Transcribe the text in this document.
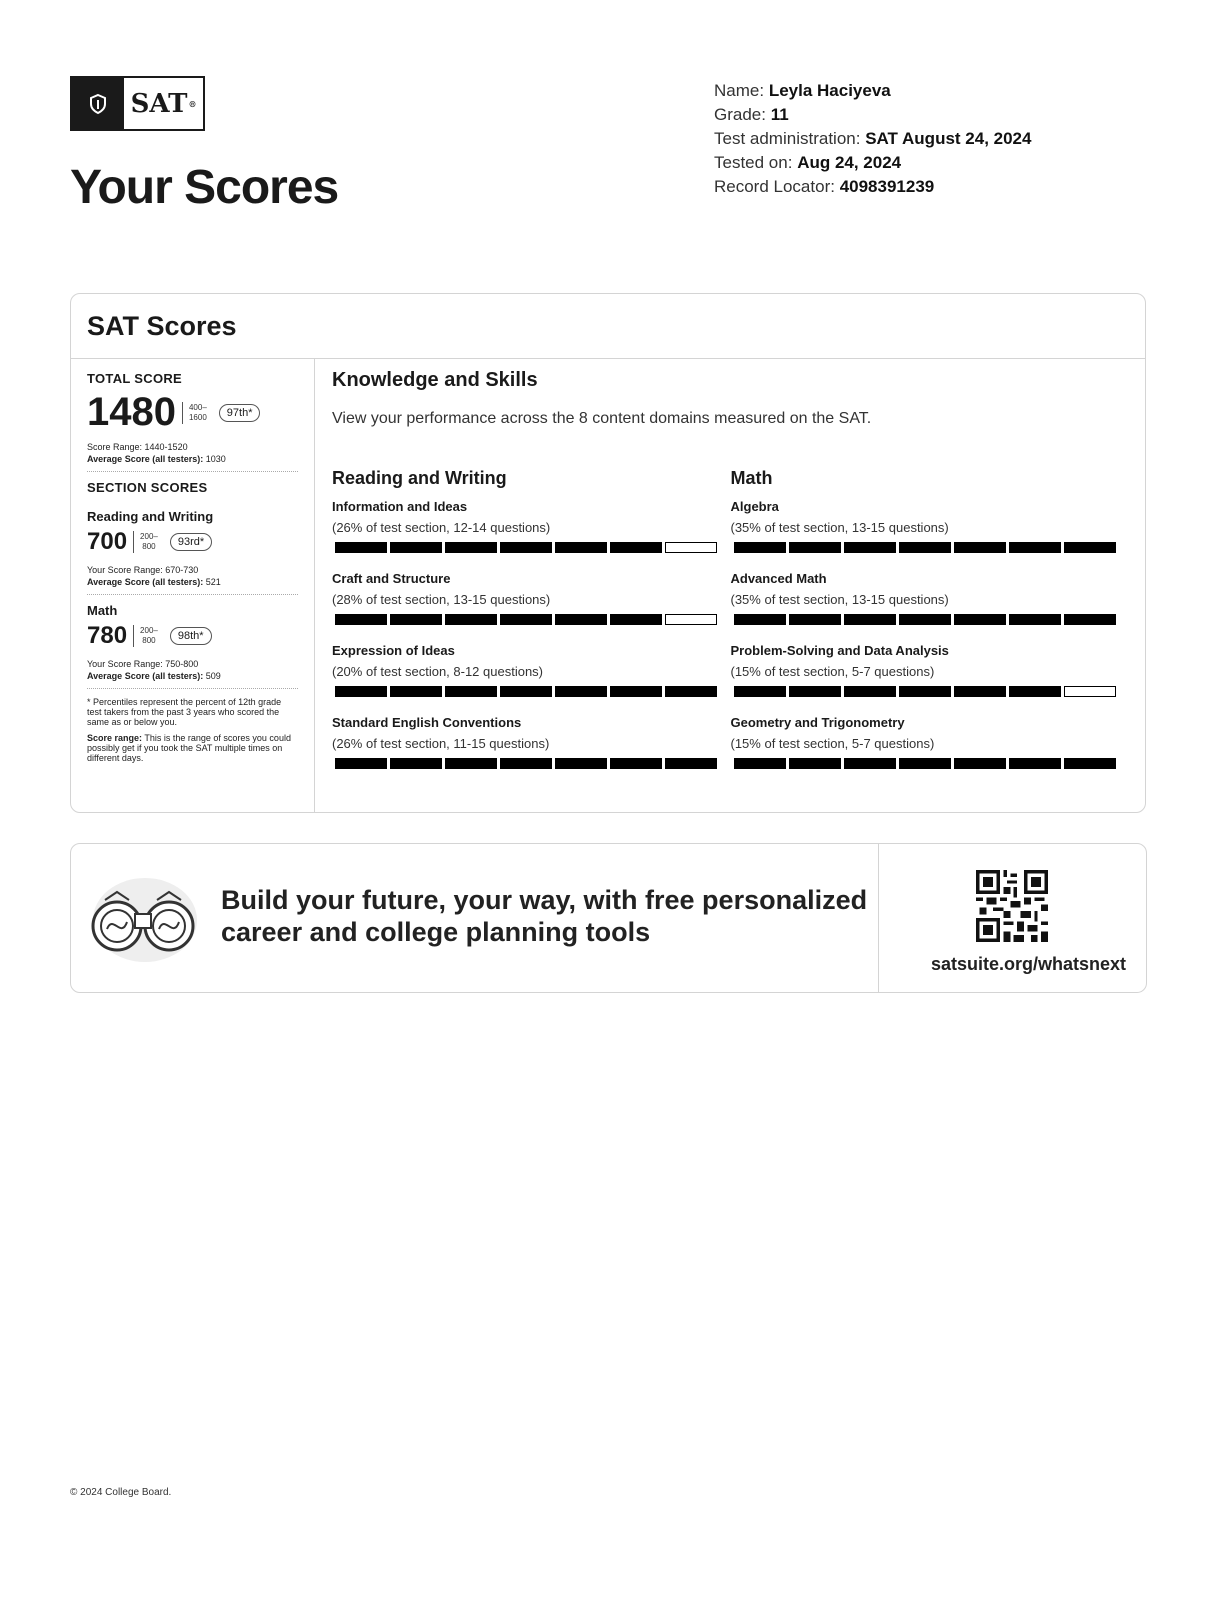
SAT ®
Your Scores
Name: Leyla Haciyeva
Grade: 11
Test administration: SAT August 24, 2024
Tested on: Aug 24, 2024
Record Locator: 4098391239
SAT Scores
TOTAL SCORE
1480 400–
1600	97th*
Score Range: 1440-1520
Average Score (all testers): 1030
SECTION SCORES
Reading and Writing
700 200–
800	93rd*
Your Score Range: 670-730
Average Score (all testers): 521
Math
780 200–
800	98th*
Your Score Range: 750-800
Average Score (all testers): 509
* Percentiles represent the percent of 12th grade test takers from the past 3 years who scored the same as or below you.
Score range: This is the range of scores you could possibly get if you took the SAT multiple times on different days.
Knowledge and Skills
View your performance across the 8 content domains measured on the SAT.
Reading and Writing
Information and Ideas
(26% of test section, 12-14 questions)
Craft and Structure
(28% of test section, 13-15 questions)
Expression of Ideas
(20% of test section, 8-12 questions)
Standard English Conventions
(26% of test section, 11-15 questions)
Math
Algebra
(35% of test section, 13-15 questions)
Advanced Math
(35% of test section, 13-15 questions)
Problem-Solving and Data Analysis
(15% of test section, 5-7 questions)
Geometry and Trigonometry
(15% of test section, 5-7 questions)
Build your future, your way, with free personalized
career and college planning tools
satsuite.org/whatsnext
© 2024 College Board.
